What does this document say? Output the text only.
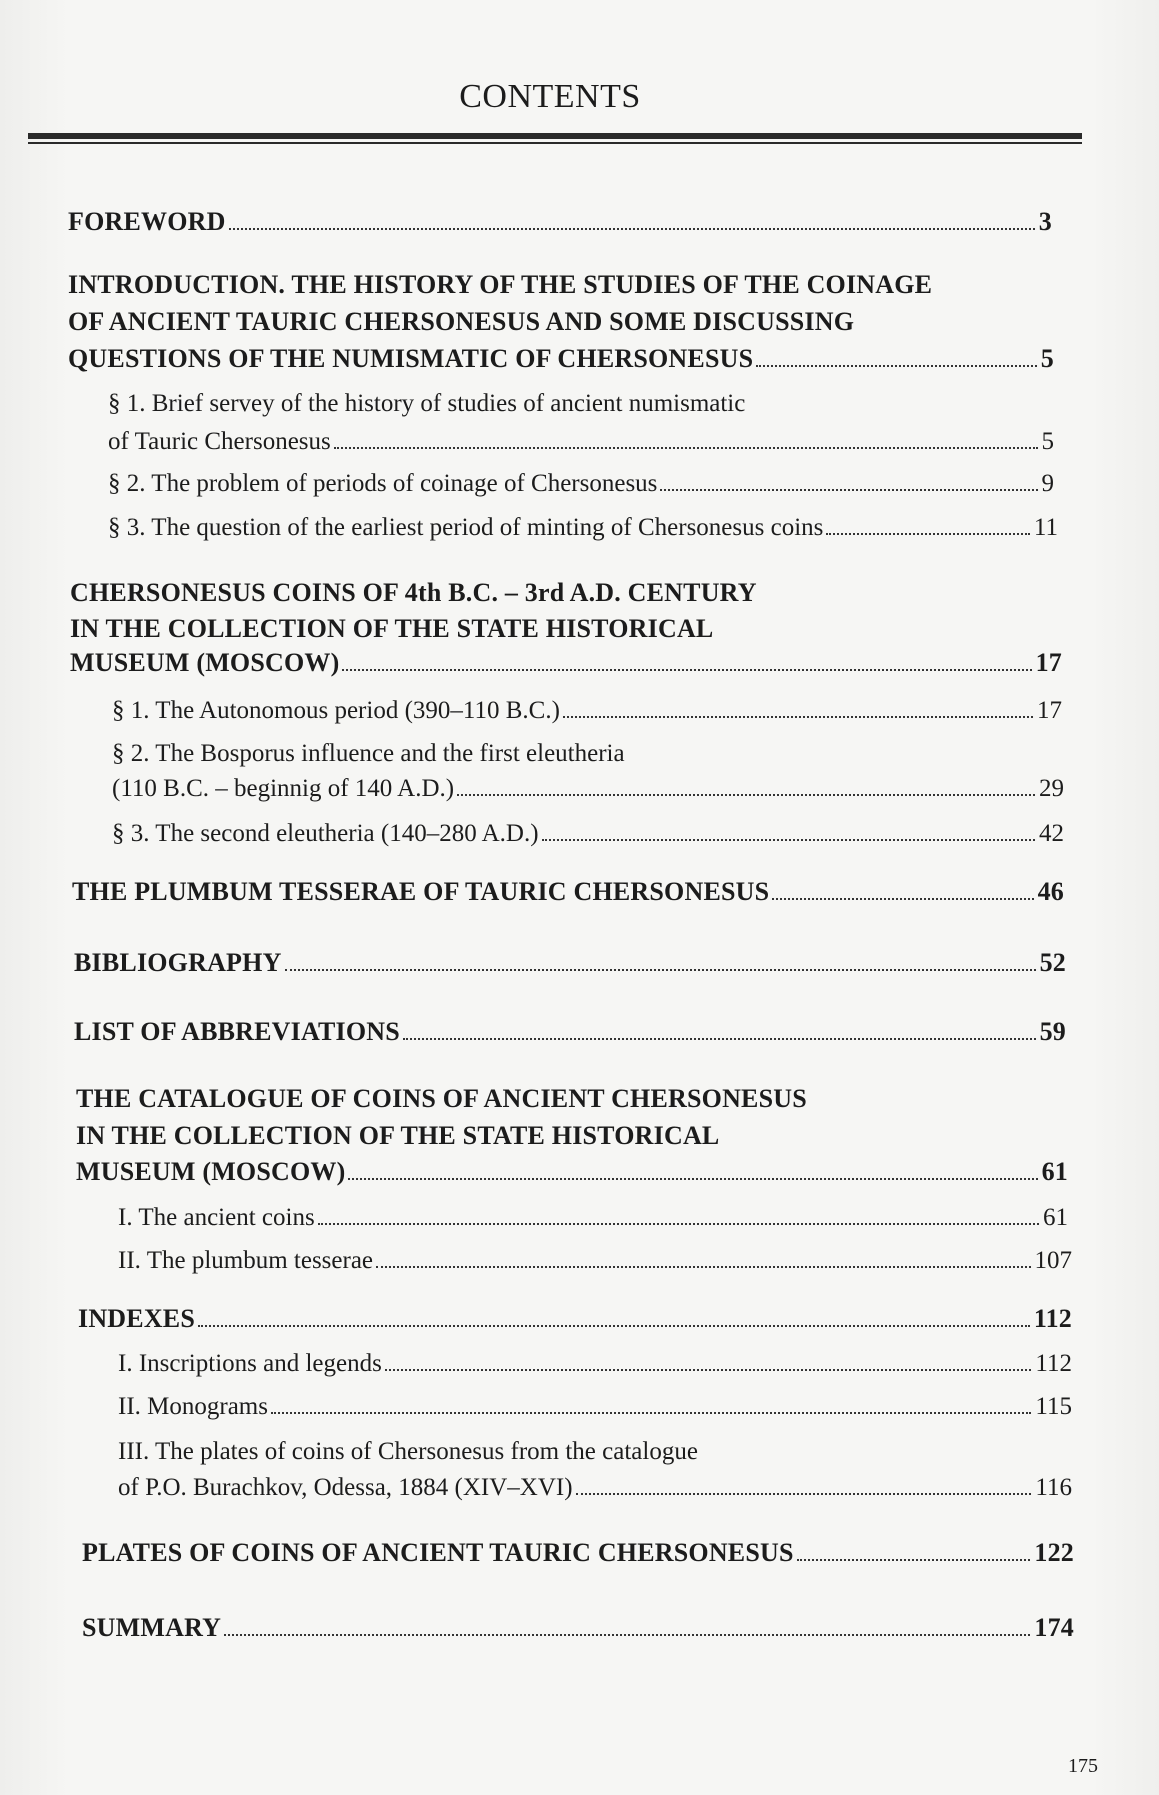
CONTENTS
FOREWORD	3
INTRODUCTION. THE HISTORY OF THE STUDIES OF THE COINAGE
OF ANCIENT TAURIC CHERSONESUS AND SOME DISCUSSING
QUESTIONS OF THE NUMISMATIC OF CHERSONESUS	5
§ 1. Brief servey of the history of studies of ancient numismatic
of Tauric Chersonesus	5
§ 2. The problem of periods of coinage of Chersonesus	9
§ 3. The question of the earliest period of minting of Chersonesus coins	11
CHERSONESUS COINS OF 4th B.C. – 3rd A.D. CENTURY
IN THE COLLECTION OF THE STATE HISTORICAL
MUSEUM (MOSCOW)	17
§ 1. The Autonomous period (390–110 B.C.)	17
§ 2. The Bosporus influence and the first eleutheria
(110 B.C. – beginnig of 140 A.D.)	29
§ 3. The second eleutheria (140–280 A.D.)	42
THE PLUMBUM TESSERAE OF TAURIC CHERSONESUS	46
BIBLIOGRAPHY	52
LIST OF ABBREVIATIONS	59
THE CATALOGUE OF COINS OF ANCIENT CHERSONESUS
IN THE COLLECTION OF THE STATE HISTORICAL
MUSEUM (MOSCOW)	61
I. The ancient coins	61
II. The plumbum tesserae	107
INDEXES	112
I. Inscriptions and legends	112
II. Monograms	115
III. The plates of coins of Chersonesus from the catalogue
of P.O. Burachkov, Odessa, 1884 (XIV–XVI)	116
PLATES OF COINS OF ANCIENT TAURIC CHERSONESUS	122
SUMMARY	174
175
